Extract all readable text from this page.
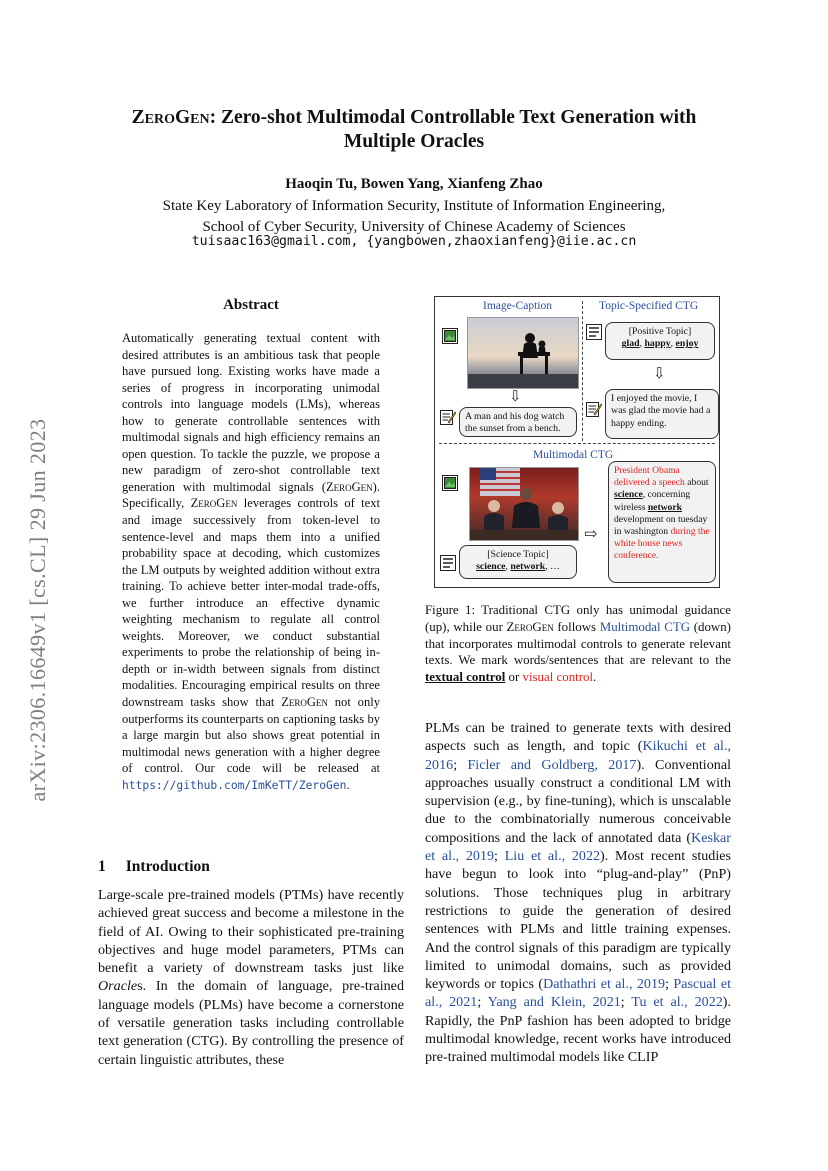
ZeroGen: Zero-shot Multimodal Controllable Text Generation with
Multiple Oracles
Haoqin Tu, Bowen Yang, Xianfeng Zhao
State Key Laboratory of Information Security, Institute of Information Engineering,
School of Cyber Security, University of Chinese Academy of Sciences
tuisaac163@gmail.com, {yangbowen,zhaoxianfeng}@iie.ac.cn
arXiv:2306.16649v1 [cs.CL] 29 Jun 2023
Abstract
Automatically generating textual content with desired attributes is an ambitious task that people have pursued long. Existing works have made a series of progress in incorporating unimodal controls into language models (LMs), whereas how to generate controllable sentences with multimodal signals and high efficiency remains an open question. To tackle the puzzle, we propose a new paradigm of zero-shot controllable text generation with multimodal signals (ZeroGen). Specifically, ZeroGen leverages controls of text and image successively from token-level to sentence-level and maps them into a unified probability space at decoding, which customizes the LM outputs by weighted addition without extra training. To achieve better inter-modal trade-offs, we further introduce an effective dynamic weighting mechanism to regulate all control weights. Moreover, we conduct substantial experiments to probe the relationship of being in-depth or in-width between signals from distinct modalities. Encouraging empirical results on three downstream tasks show that ZeroGen not only outperforms its counterparts on captioning tasks by a large margin but also shows great potential in multimodal news generation with a higher degree of control. Our code will be released at https://github.com/ImKeTT/ZeroGen.
1 Introduction
Large-scale pre-trained models (PTMs) have recently achieved great success and become a milestone in the field of AI. Owing to their sophisticated pre-training objectives and huge model parameters, PTMs can benefit a variety of downstream tasks just like Oracles. In the domain of language, pre-trained language models (PLMs) have become a cornerstone of versatile generation tasks including controllable text generation (CTG). By controlling the presence of certain linguistic attributes, these
Image-Caption	Topic-Specified CTG
⇩
A man and his dog watch the sunset from a bench.
[Positive Topic]
glad, happy, enjoy
⇩
I enjoyed the movie, I was glad the movie had a happy ending.
Multimodal CTG
⇨
[Science Topic]
science, network, …
President Obama delivered a speech about science, concerning wireless network development on tuesday in washington during the white house news conference.
Figure 1: Traditional CTG only has unimodal guidance (up), while our ZeroGen follows Multimodal CTG (down) that incorporates multimodal controls to generate relevant texts. We mark words/sentences that are relevant to the textual control or visual control.
PLMs can be trained to generate texts with desired aspects such as length, and topic (Kikuchi et al., 2016; Ficler and Goldberg, 2017). Conventional approaches usually construct a conditional LM with supervision (e.g., by fine-tuning), which is unscalable due to the combinatorially numerous conceivable compositions and the lack of annotated data (Keskar et al., 2019; Liu et al., 2022). Most recent studies have begun to look into “plug-and-play” (PnP) solutions. Those techniques plug in arbitrary restrictions to guide the generation of desired sentences with PLMs and little training expenses. And the control signals of this paradigm are typically limited to unimodal domains, such as provided keywords or topics (Dathathri et al., 2019; Pascual et al., 2021; Yang and Klein, 2021; Tu et al., 2022). Rapidly, the PnP fashion has been adopted to bridge multimodal knowledge, recent works have introduced pre-trained multimodal models like CLIP
